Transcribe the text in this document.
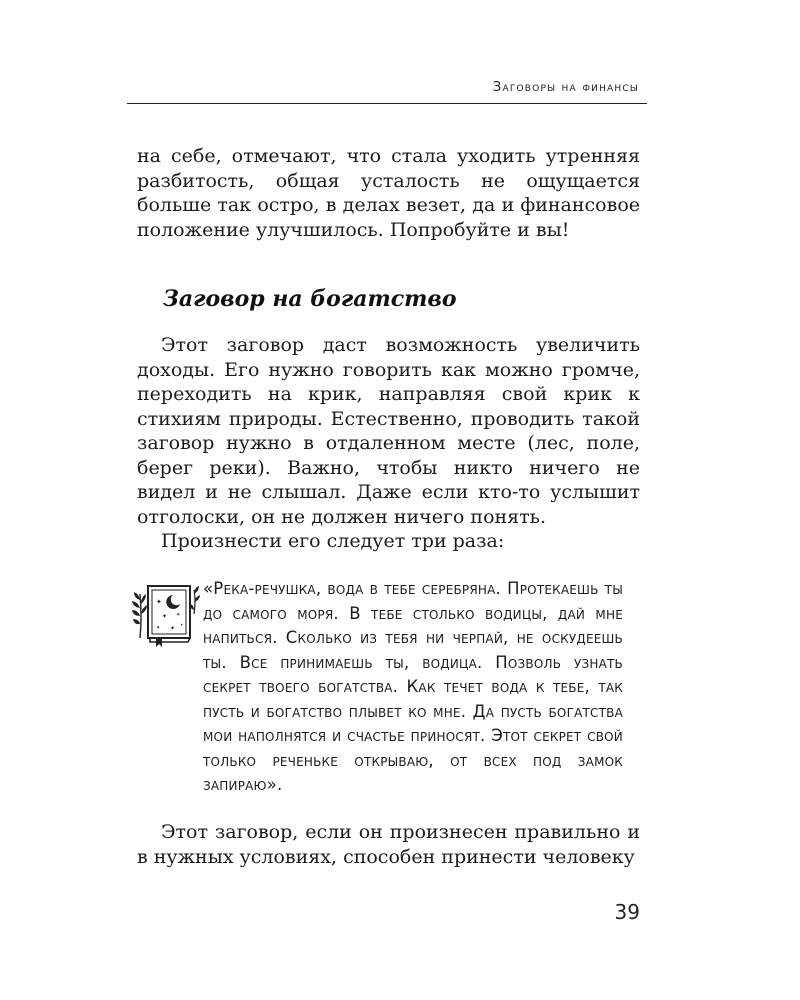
Заговоры на финансы

на себе, отмечают, что стала уходить утренняя разбитость, общая усталость не ощущается больше так остро, в делах везет, да и финансовое положение улучшилось. Попробуйте и вы!

Заговор на богатство

Этот заговор даст возможность увеличить доходы. Его нужно говорить как можно громче, переходить на крик, направляя свой крик к стихиям природы. Естественно, проводить такой заговор нужно в отдаленном месте (лес, поле, берег реки). Важно, чтобы никто ничего не видел и не слышал. Даже если кто-то услышит отголоски, он не должен ничего понять.

Произнести его следует три раза:

✦
✦ ✦
✦ ✦
✦

«Река-речушка, вода в тебе серебряна. Протекаешь ты до самого моря. В тебе столько водицы, дай мне напиться. Сколько из тебя ни черпай, не оскудеешь ты. Все принимаешь ты, водица. Позволь узнать секрет твоего богатства. Как течет вода к тебе, так пусть и богатство плывет ко мне. Да пусть богатства мои наполнятся и счастье приносят. Этот секрет свой только реченьке открываю, от всех под замок запираю».

Этот заговор, если он произнесен правильно и в нужных условиях, способен принести человеку

39
